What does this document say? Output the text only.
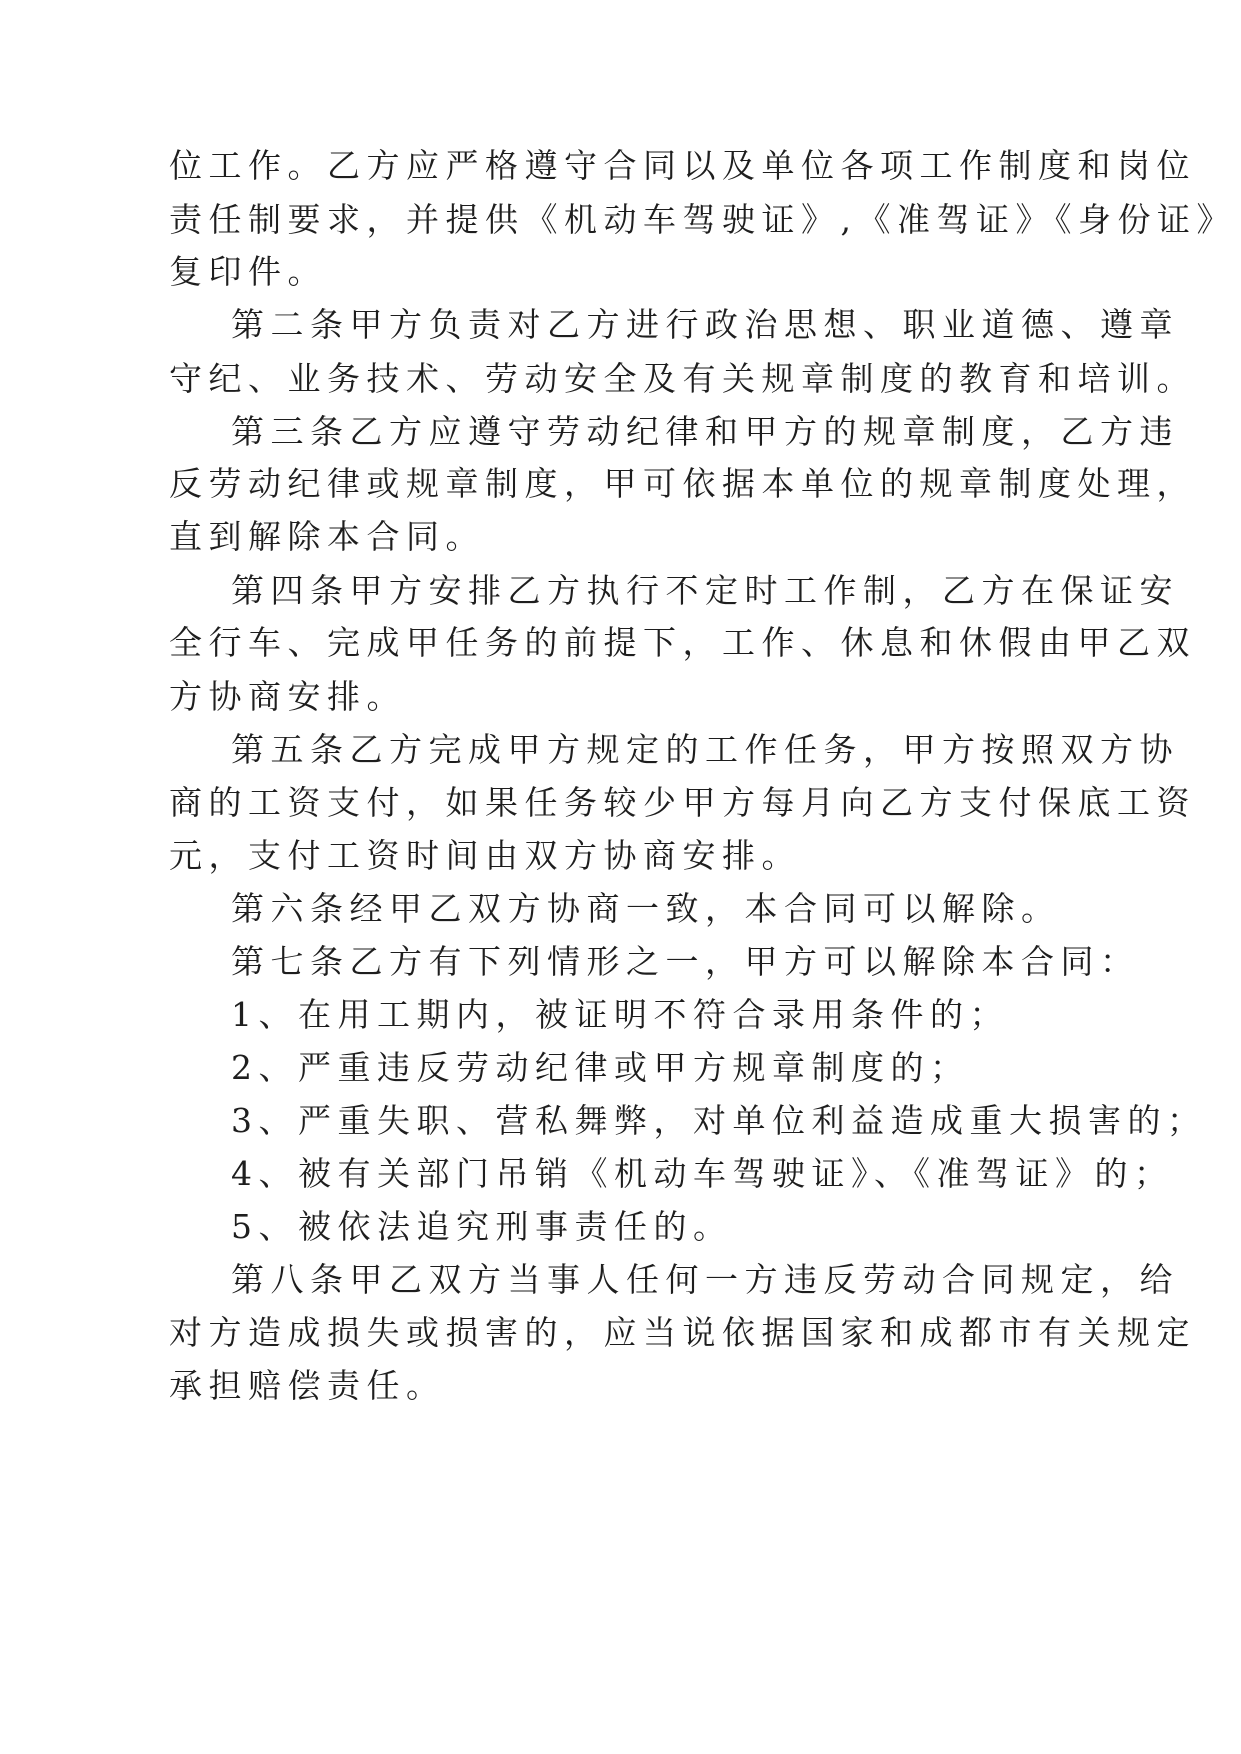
位工作。乙方应严格遵守合同以及单位各项工作制度和岗位

责任制要求，并提供《机动车驾驶证》,《准驾证》《身份证》

复印件。

第二条甲方负责对乙方进行政治思想、职业道德、遵章

守纪、业务技术、劳动安全及有关规章制度的教育和培训。

第三条乙方应遵守劳动纪律和甲方的规章制度，乙方违

反劳动纪律或规章制度，甲可依据本单位的规章制度处理，

直到解除本合同。

第四条甲方安排乙方执行不定时工作制，乙方在保证安

全行车、完成甲任务的前提下，工作、休息和休假由甲乙双

方协商安排。

第五条乙方完成甲方规定的工作任务，甲方按照双方协

商的工资支付，如果任务较少甲方每月向乙方支付保底工资

元，支付工资时间由双方协商安排。

第六条经甲乙双方协商一致，本合同可以解除。

第七条乙方有下列情形之一，甲方可以解除本合同：

1、在用工期内，被证明不符合录用条件的；

2、严重违反劳动纪律或甲方规章制度的；

3、严重失职、营私舞弊，对单位利益造成重大损害的；

4、被有关部门吊销《机动车驾驶证》、《准驾证》的；

5、被依法追究刑事责任的。

第八条甲乙双方当事人任何一方违反劳动合同规定，给

对方造成损失或损害的，应当说依据国家和成都市有关规定

承担赔偿责任。
